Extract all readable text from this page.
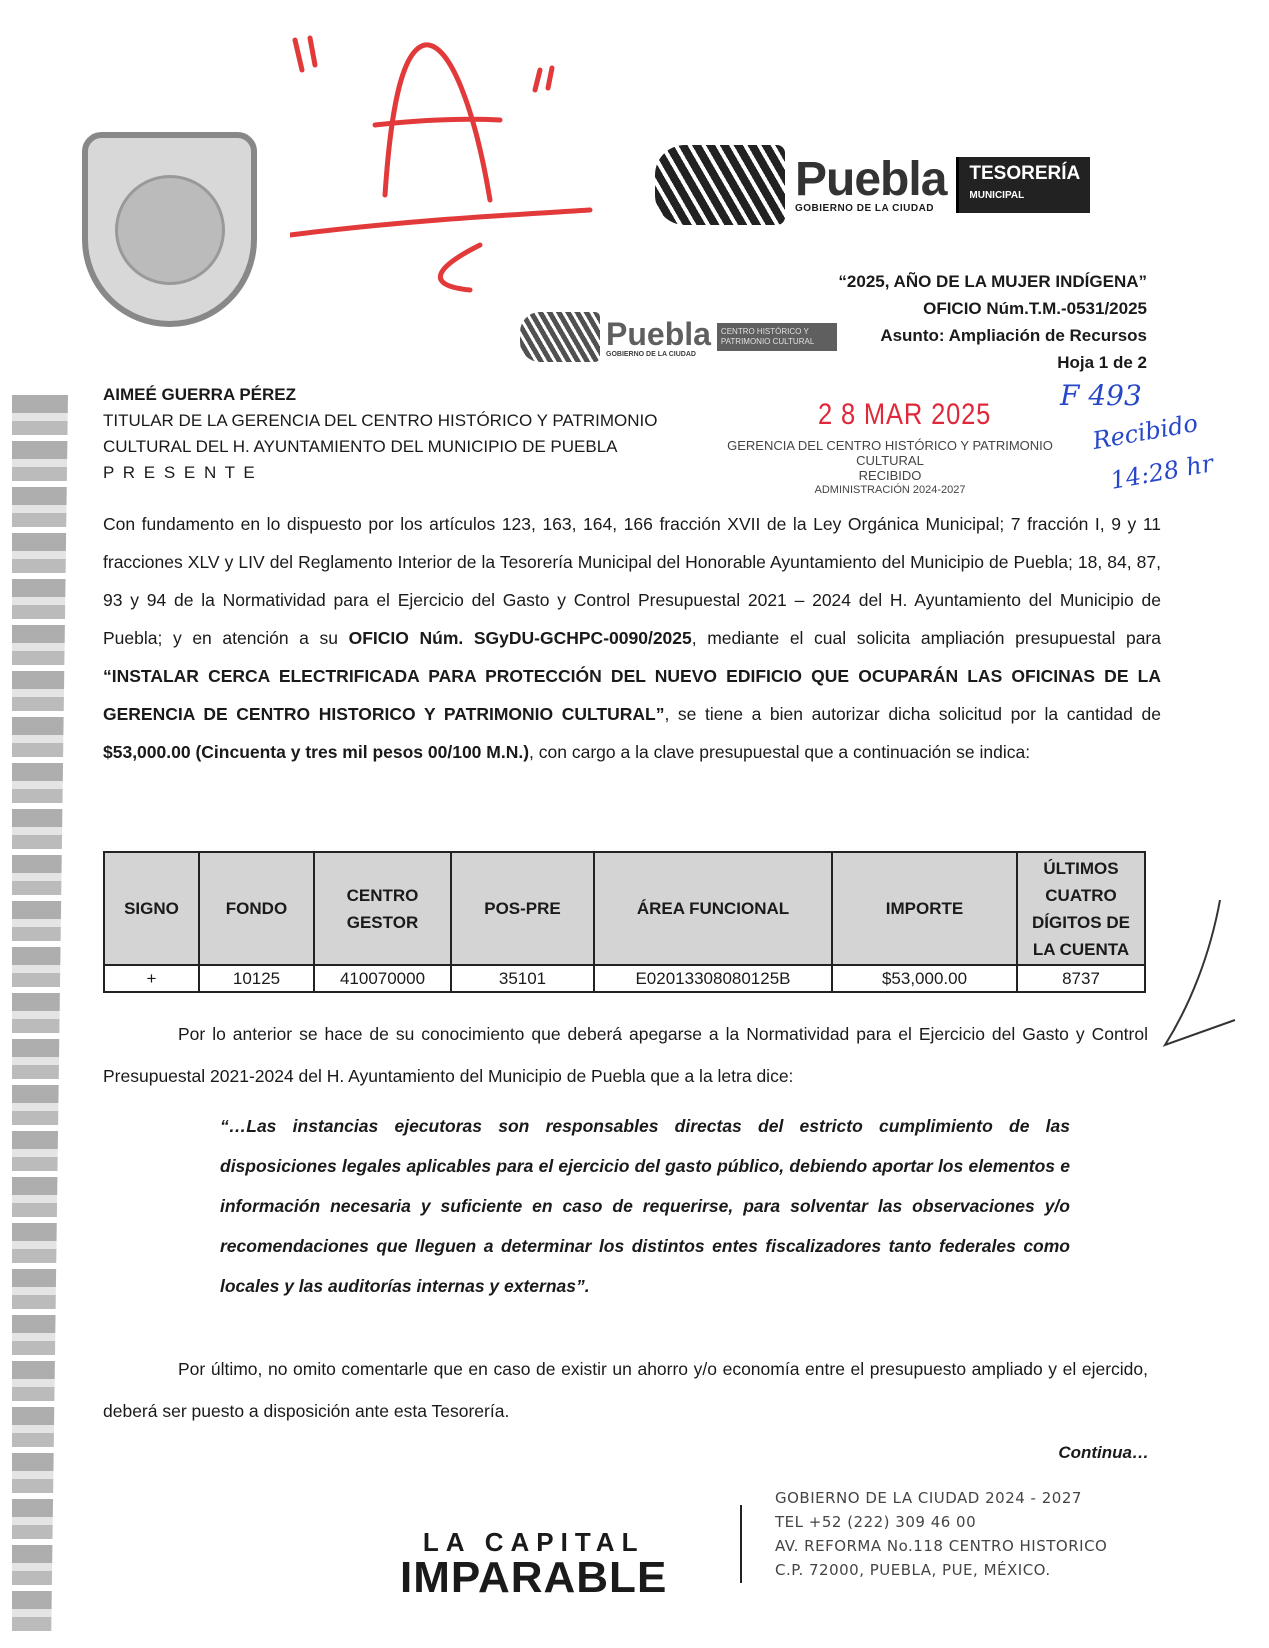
Puebla
GOBIERNO DE LA CIUDAD
TESORERÍA
MUNICIPAL
Puebla
GOBIERNO DE LA CIUDAD
CENTRO HISTÓRICO Y PATRIMONIO CULTURAL
“2025, AÑO DE LA MUJER INDÍGENA”
OFICIO Núm.T.M.-0531/2025
Asunto: Ampliación de Recursos
Hoja 1 de 2
AIMEÉ GUERRA PÉREZ
TITULAR DE LA GERENCIA DEL CENTRO HISTÓRICO Y PATRIMONIO
CULTURAL DEL H. AYUNTAMIENTO DEL MUNICIPIO DE PUEBLA
P R E S E N T E
2 8 MAR 2025
GERENCIA DEL CENTRO HISTÓRICO Y PATRIMONIO
CULTURAL
RECIBIDO
ADMINISTRACIÓN 2024-2027
F 493
Recibido
14:28 hr
Con fundamento en lo dispuesto por los artículos 123, 163, 164, 166 fracción XVII de la Ley Orgánica Municipal; 7 fracción I, 9 y 11 fracciones XLV y LIV del Reglamento Interior de la Tesorería Municipal del Honorable Ayuntamiento del Municipio de Puebla; 18, 84, 87, 93 y 94 de la Normatividad para el Ejercicio del Gasto y Control Presupuestal 2021 – 2024 del H. Ayuntamiento del Municipio de Puebla; y en atención a su OFICIO Núm. SGyDU-GCHPC-0090/2025, mediante el cual solicita ampliación presupuestal para “INSTALAR CERCA ELECTRIFICADA PARA PROTECCIÓN DEL NUEVO EDIFICIO QUE OCUPARÁN LAS OFICINAS DE LA GERENCIA DE CENTRO HISTORICO Y PATRIMONIO CULTURAL”, se tiene a bien autorizar dicha solicitud por la cantidad de $53,000.00 (Cincuenta y tres mil pesos 00/100 M.N.), con cargo a la clave presupuestal que a continuación se indica:
SIGNO	FONDO	CENTRO GESTOR	POS-PRE	ÁREA FUNCIONAL	IMPORTE	ÚLTIMOS CUATRO DÍGITOS DE LA CUENTA
+	10125	410070000	35101	E02013308080125B	$53,000.00	8737
Por lo anterior se hace de su conocimiento que deberá apegarse a la Normatividad para el Ejercicio del Gasto y Control Presupuestal 2021-2024 del H. Ayuntamiento del Municipio de Puebla que a la letra dice:
“…Las instancias ejecutoras son responsables directas del estricto cumplimiento de las disposiciones legales aplicables para el ejercicio del gasto público, debiendo aportar los elementos e información necesaria y suficiente en caso de requerirse, para solventar las observaciones y/o recomendaciones que lleguen a determinar los distintos entes fiscalizadores tanto federales como locales y las auditorías internas y externas”.
Por último, no omito comentarle que en caso de existir un ahorro y/o economía entre el presupuesto ampliado y el ejercido, deberá ser puesto a disposición ante esta Tesorería.
Continua…
LA CAPITAL
IMPARABLE
GOBIERNO DE LA CIUDAD 2024 - 2027
TEL +52 (222) 309 46 00
AV. REFORMA No.118 CENTRO HISTORICO
C.P. 72000, PUEBLA, PUE, MÉXICO.
